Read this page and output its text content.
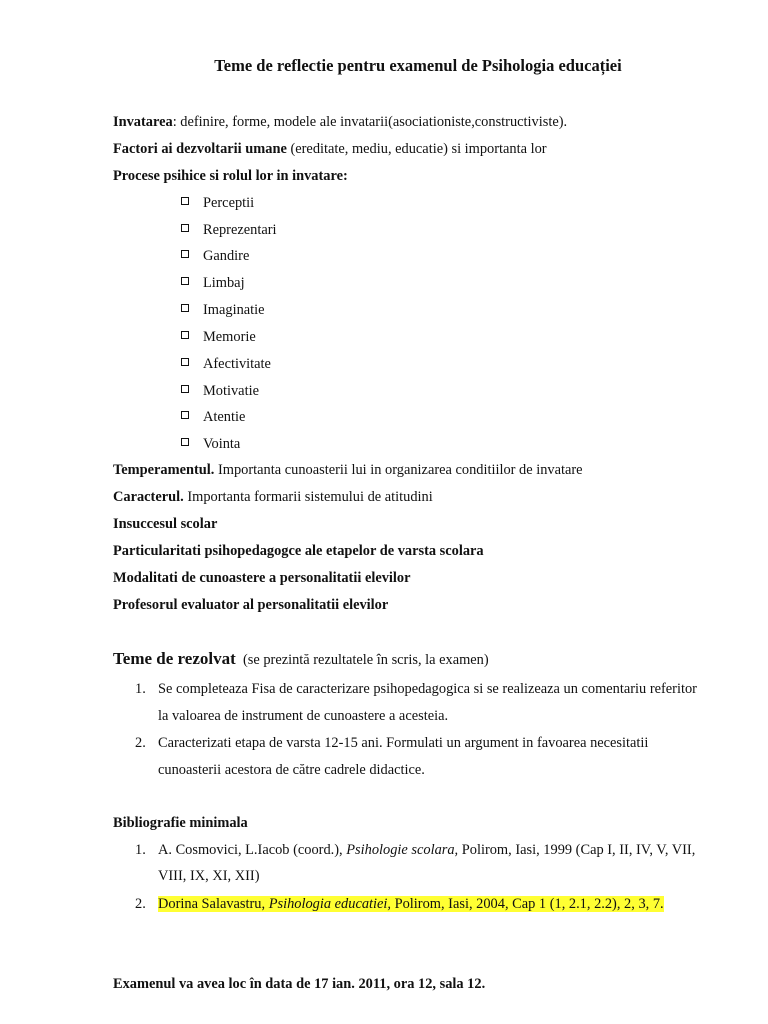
Teme de reflectie pentru examenul de Psihologia educației
Invatarea: definire, forme, modele ale invatarii(asociationiste,constructiviste).
Factori ai dezvoltarii umane (ereditate, mediu, educatie) si importanta lor
Procese psihice si rolul lor in invatare:
Perceptii
Reprezentari
Gandire
Limbaj
Imaginatie
Memorie
Afectivitate
Motivatie
Atentie
Vointa
Temperamentul. Importanta cunoasterii lui in organizarea conditiilor de invatare
Caracterul. Importanta formarii sistemului de atitudini
Insuccesul scolar
Particularitati psihopedagogce ale etapelor de varsta scolara
Modalitati de cunoastere a personalitatii elevilor
Profesorul evaluator al personalitatii elevilor
Teme de rezolvat (se prezintă rezultatele în scris, la examen)
1. Se completeaza Fisa de caracterizare psihopedagogica si se realizeaza un comentariu referitor
la valoarea de instrument de cunoastere a acesteia.
2. Caracterizati etapa de varsta 12-15 ani. Formulati un argument in favoarea necesitatii
cunoasterii acestora de către cadrele didactice.
Bibliografie minimala
1. A. Cosmovici, L.Iacob (coord.), Psihologie scolara, Polirom, Iasi, 1999 (Cap I, II, IV, V, VII,
VIII, IX, XI, XII)
2. Dorina Salavastru, Psihologia educatiei, Polirom, Iasi, 2004, Cap 1 (1, 2.1, 2.2), 2, 3, 7.
Examenul va avea loc în data de 17 ian. 2011, ora 12, sala 12.
